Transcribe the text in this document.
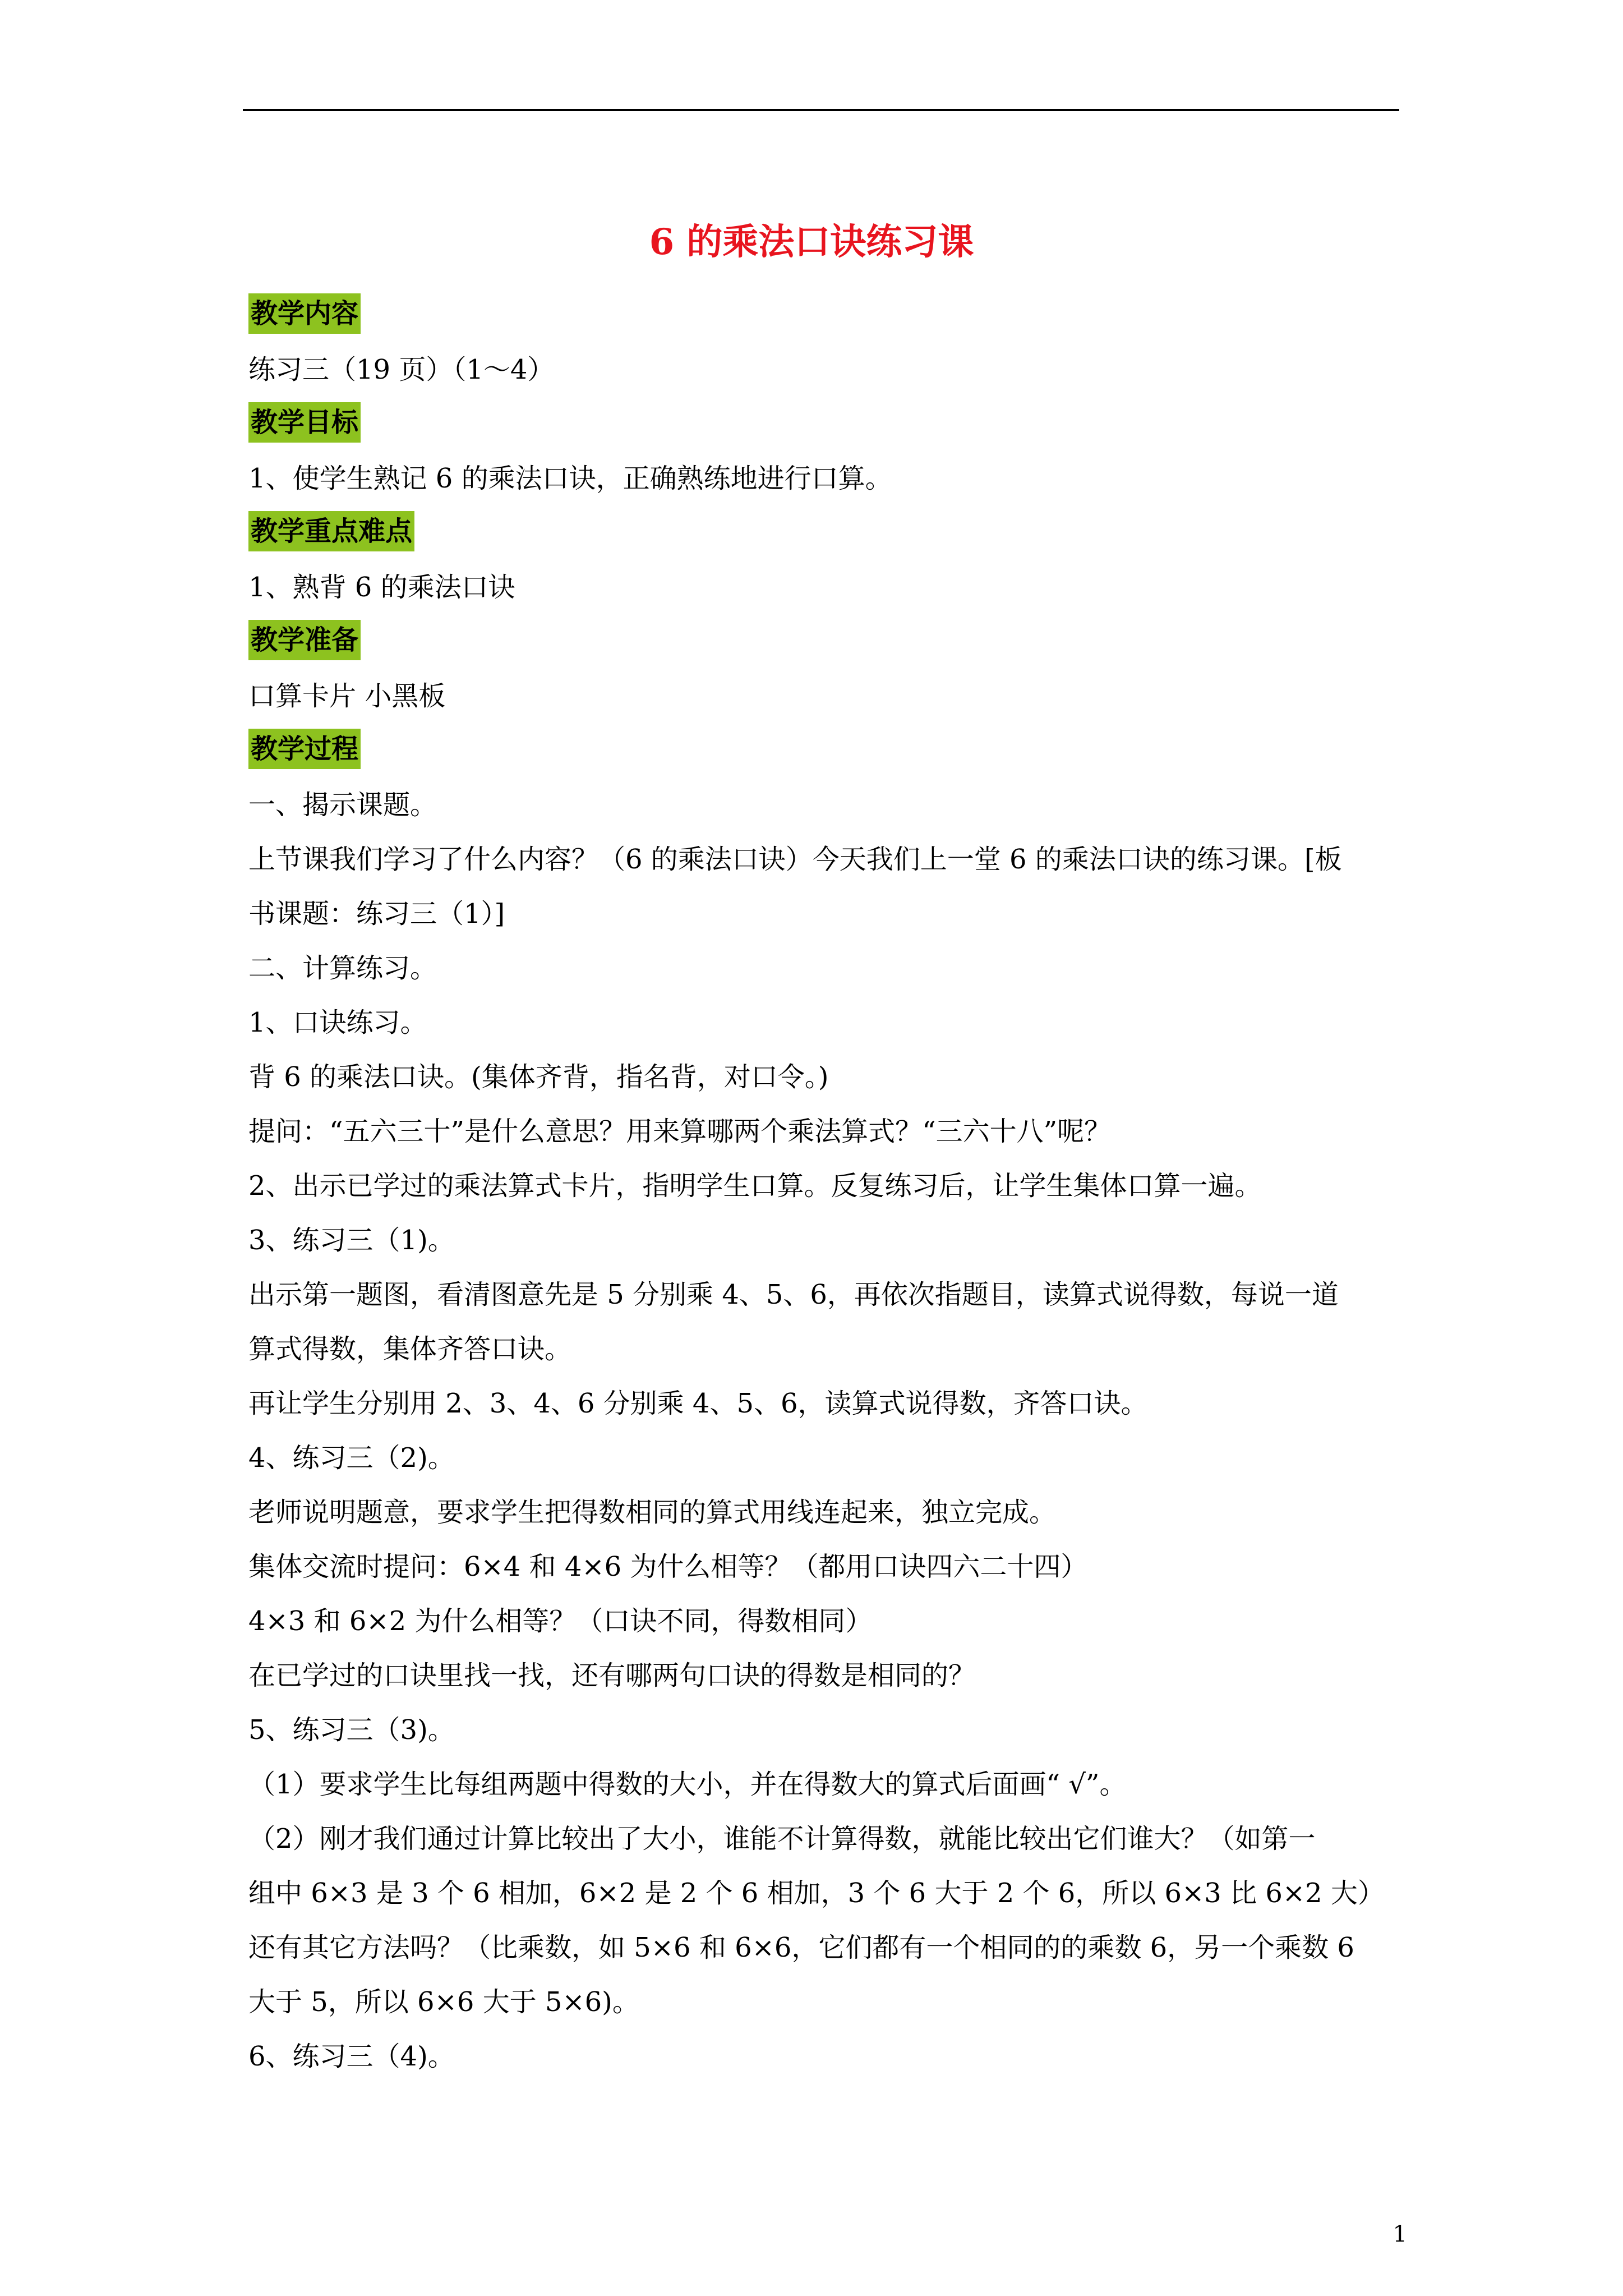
6 的乘法口诀练习课
教学内容
练习三（19 页）（1～4）
教学目标
1、使学生熟记 6 的乘法口诀，正确熟练地进行口算。
教学重点难点
1、熟背 6 的乘法口诀
教学准备
口算卡片 小黑板
教学过程
一、揭示课题。
上节课我们学习了什么内容？（6 的乘法口诀）今天我们上一堂 6 的乘法口诀的练习课。[板
书课题：练习三（1）]
二、计算练习。
1、口诀练习。
背 6 的乘法口诀。(集体齐背，指名背，对口令。)
提问：“五六三十”是什么意思？用来算哪两个乘法算式？“三六十八”呢？
2、出示已学过的乘法算式卡片，指明学生口算。反复练习后，让学生集体口算一遍。
3、练习三（1)。
出示第一题图，看清图意先是 5 分别乘 4、5、6，再依次指题目，读算式说得数，每说一道
算式得数，集体齐答口诀。
再让学生分别用 2、3、4、6 分别乘 4、5、6，读算式说得数，齐答口诀。
4、练习三（2)。
老师说明题意，要求学生把得数相同的算式用线连起来，独立完成。
集体交流时提问：6×4 和 4×6 为什么相等？（都用口诀四六二十四）
4×3 和 6×2 为什么相等？（口诀不同，得数相同）
在已学过的口诀里找一找，还有哪两句口诀的得数是相同的？
5、练习三（3)。
（1）要求学生比每组两题中得数的大小，并在得数大的算式后面画“ √”。
（2）刚才我们通过计算比较出了大小，谁能不计算得数，就能比较出它们谁大？（如第一
组中 6×3 是 3 个 6 相加，6×2 是 2 个 6 相加，3 个 6 大于 2 个 6，所以 6×3 比 6×2 大）
还有其它方法吗？（比乘数，如 5×6 和 6×6，它们都有一个相同的的乘数 6，另一个乘数 6
大于 5，所以 6×6 大于 5×6)。
6、练习三（4)。
1
